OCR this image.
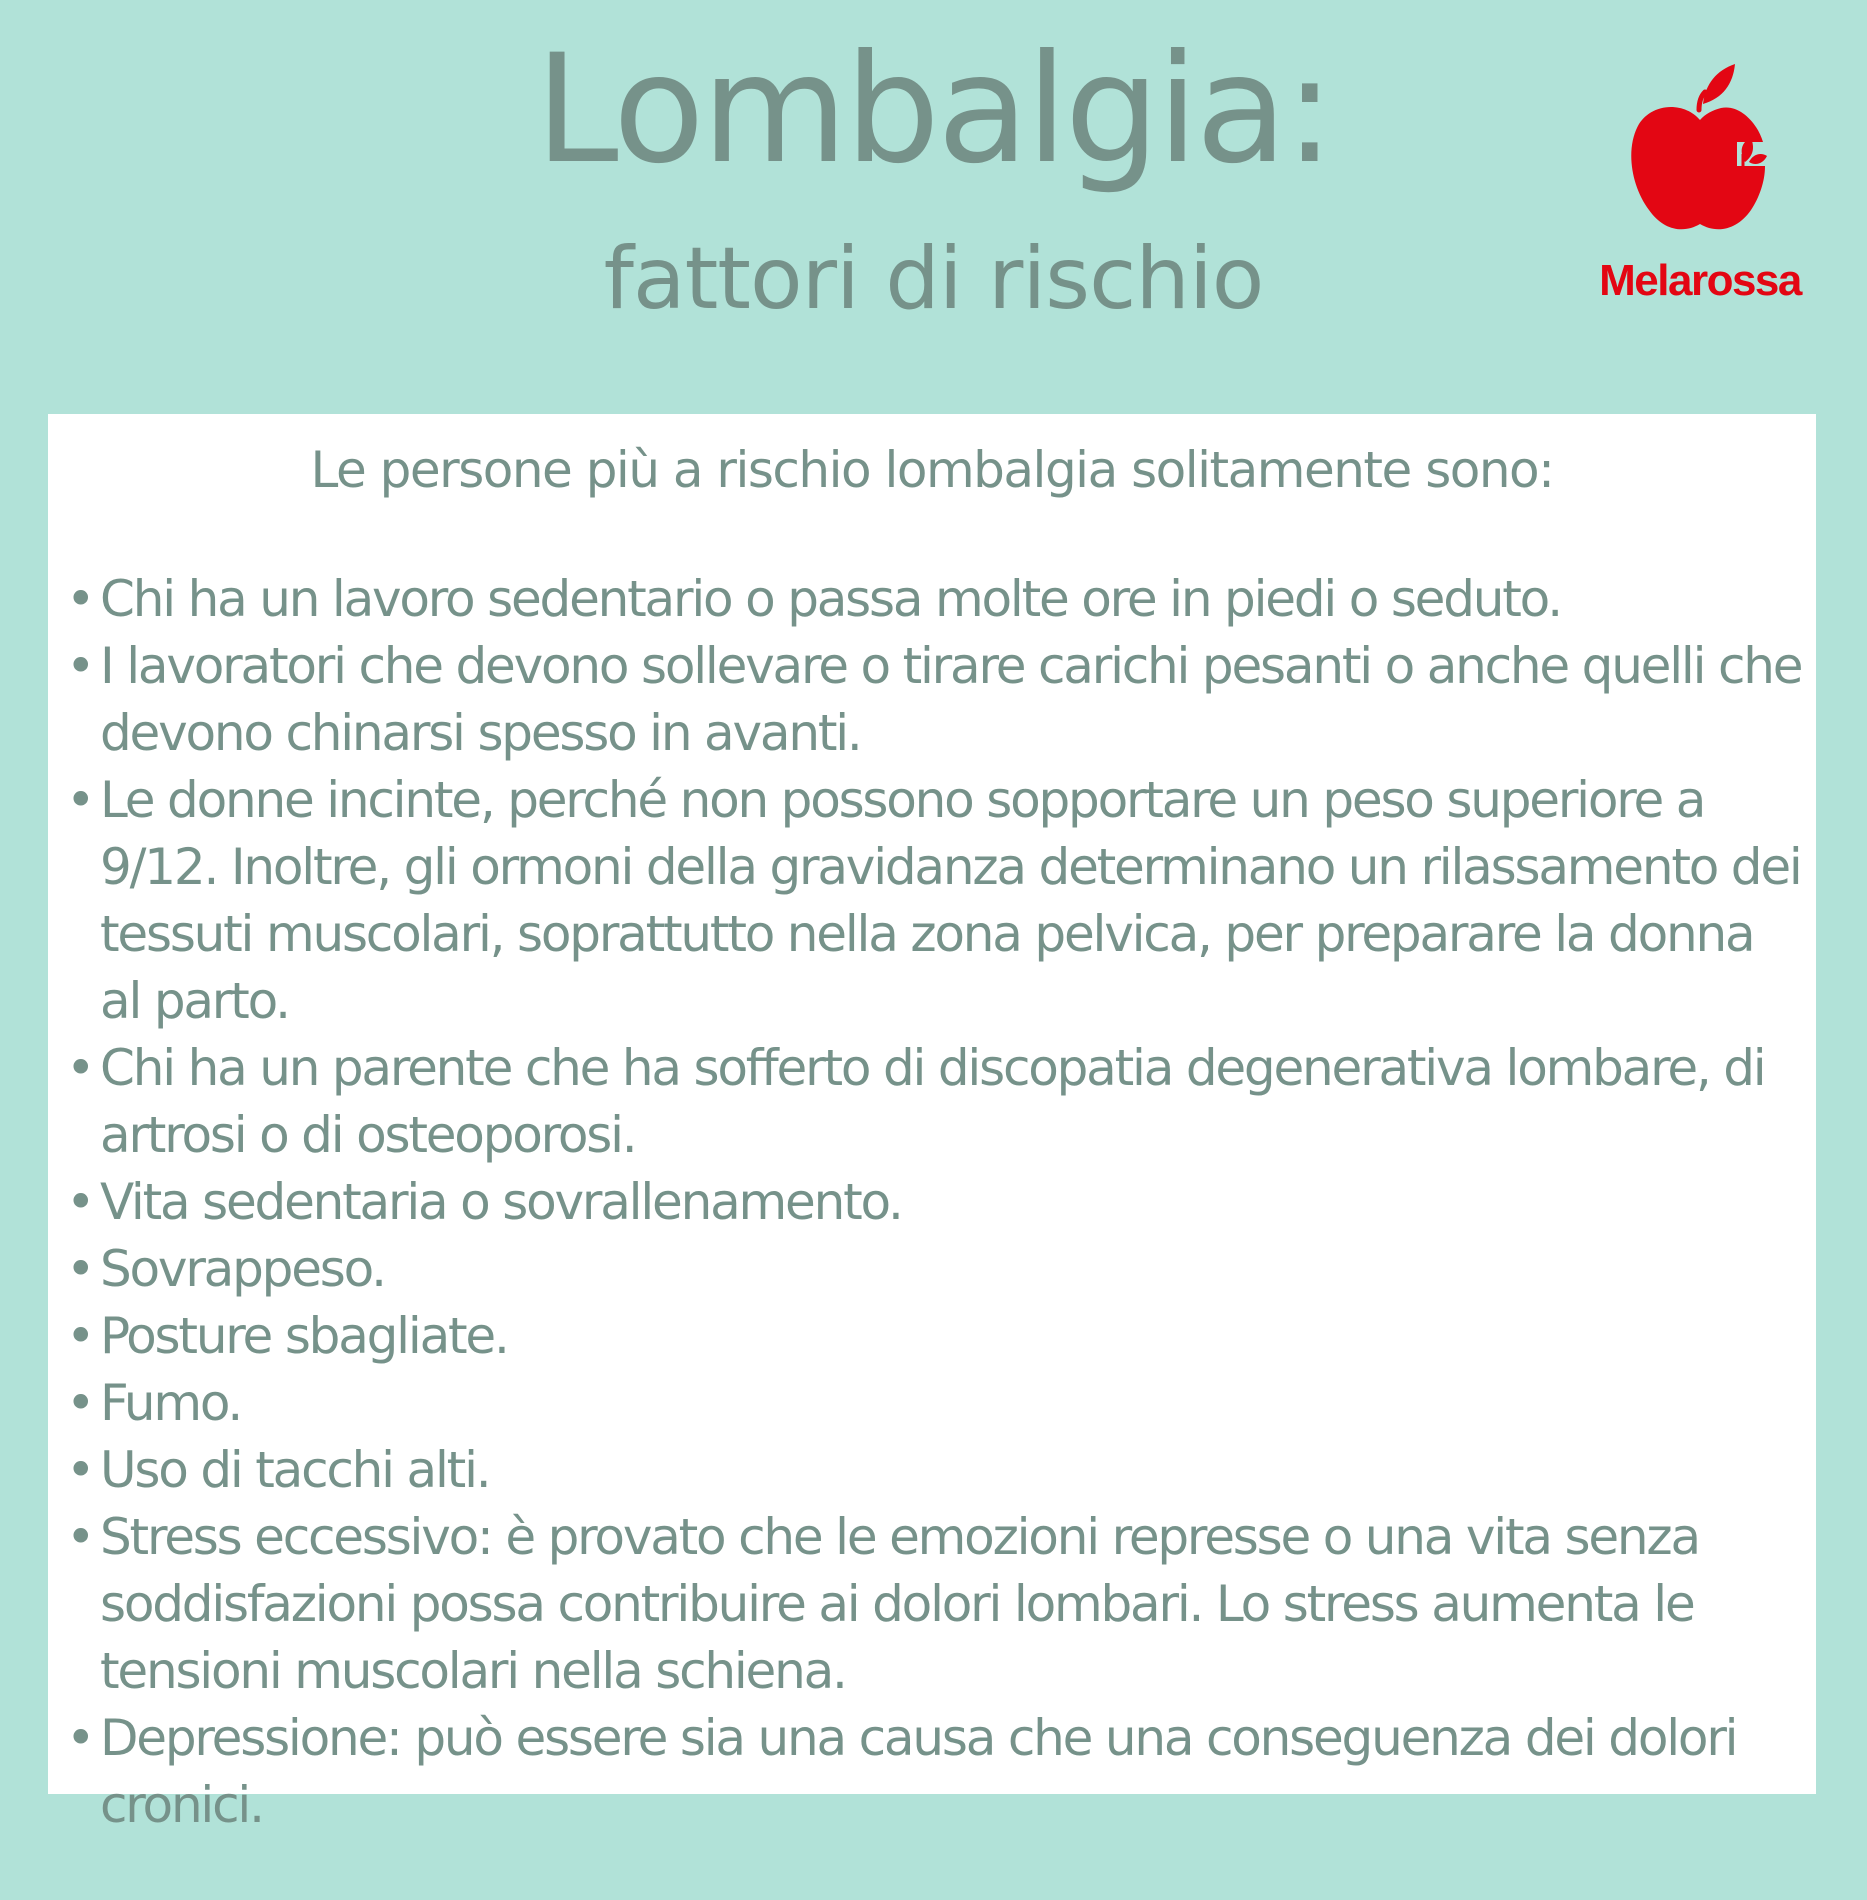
Lombalgia:
fattori di rischio	Melarossa
Le persone più a rischio lombalgia solitamente sono:
• Chi ha un lavoro sedentario o passa molte ore in piedi o seduto.
• I lavoratori che devono sollevare o tirare carichi pesanti o anche quelli che devono chinarsi spesso in avanti.
• Le donne incinte, perché non possono sopportare un peso superiore a 9/12. Inoltre, gli ormoni della gravidanza determinano un rilassamento dei tessuti muscolari, soprattutto nella zona pelvica, per preparare la donna al parto.
• Chi ha un parente che ha sofferto di discopatia degenerativa lombare, di artrosi o di osteoporosi.
• Vita sedentaria o sovrallenamento.
• Sovrappeso.
• Posture sbagliate.
• Fumo.
• Uso di tacchi alti.
• Stress eccessivo: è provato che le emozioni represse o una vita senza soddisfazioni possa contribuire ai dolori lombari. Lo stress aumenta le tensioni muscolari nella schiena.
• Depressione: può essere sia una causa che una conseguenza dei dolori cronici.
